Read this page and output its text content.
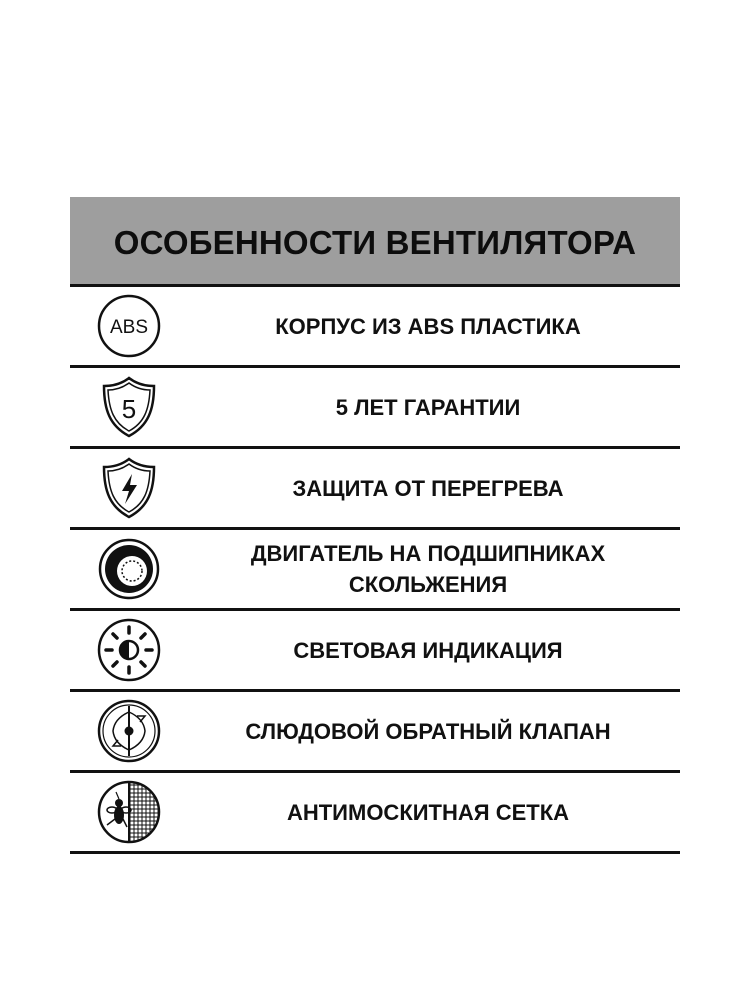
ОСОБЕННОСТИ ВЕНТИЛЯТОРА
ABS	КОРПУС ИЗ ABS ПЛАСТИКА
5	5 ЛЕТ ГАРАНТИИ
ЗАЩИТА ОТ ПЕРЕГРЕВА
ДВИГАТЕЛЬ НА ПОДШИПНИКАХ
СКОЛЬЖЕНИЯ
СВЕТОВАЯ ИНДИКАЦИЯ
СЛЮДОВОЙ ОБРАТНЫЙ КЛАПАН
АНТИМОСКИТНАЯ СЕТКА
